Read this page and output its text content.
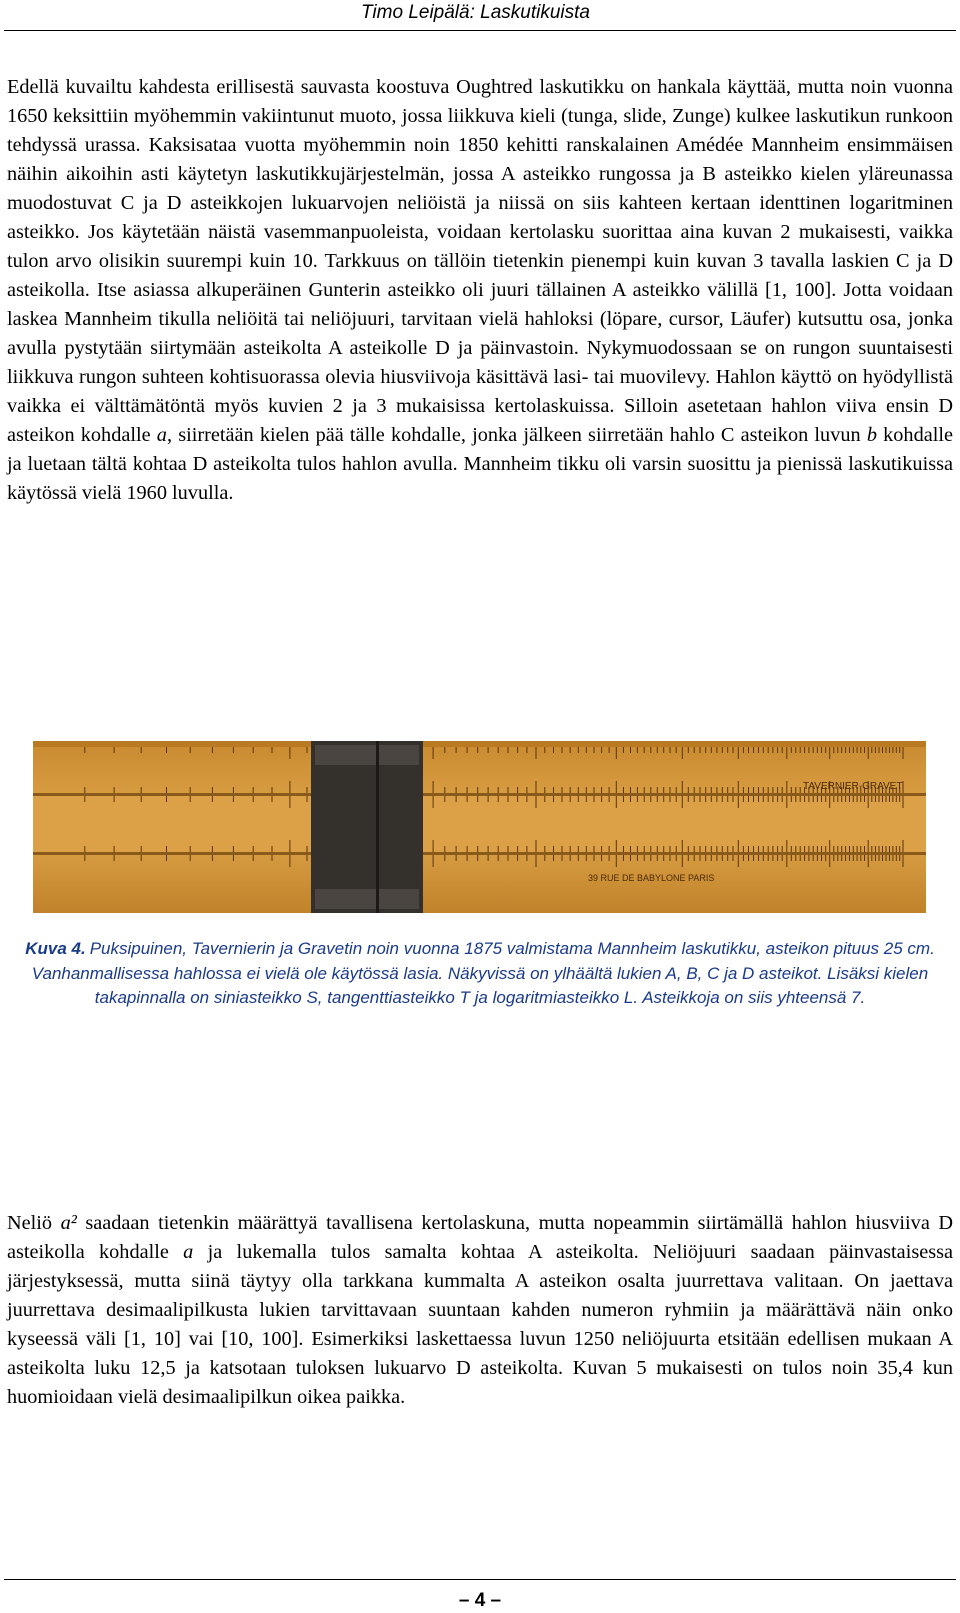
Timo Leipälä: Laskutikuista

Edellä kuvailtu kahdesta erillisestä sauvasta koostuva Oughtred laskutikku on hankala käyttää, mutta noin vuonna 1650 keksittiin myöhemmin vakiintunut muoto, jossa liikkuva kieli (tunga, slide, Zunge) kulkee laskutikun runkoon tehdyssä urassa. Kaksisataa vuotta myöhemmin noin 1850 kehitti ranskalainen Amédée Mannheim ensimmäisen näihin aikoihin asti käytetyn laskutikkujärjestelmän, jossa A asteikko rungossa ja B asteikko kielen yläreunassa muodostuvat C ja D asteikkojen lukuarvojen neliöistä ja niissä on siis kahteen kertaan identtinen logaritminen asteikko. Jos käytetään näistä vasemmanpuoleista, voidaan kertolasku suorittaa aina kuvan 2 mukaisesti, vaikka tulon arvo olisikin suurempi kuin 10. Tarkkuus on tällöin tietenkin pienempi kuin kuvan 3 tavalla laskien C ja D asteikolla. Itse asiassa alkuperäinen Gunterin asteikko oli juuri tällainen A asteikko välillä [1, 100]. Jotta voidaan laskea Mannheim tikulla neliöitä tai neliöjuuri, tarvitaan vielä hahloksi (löpare, cursor, Läufer) kutsuttu osa, jonka avulla pystytään siirtymään asteikolta A asteikolle D ja päinvastoin. Nykymuodossaan se on rungon suuntaisesti liikkuva rungon suhteen kohtisuorassa olevia hiusviivoja käsittävä lasi- tai muovilevy. Hahlon käyttö on hyödyllistä vaikka ei välttämätöntä myös kuvien 2 ja 3 mukaisissa kertolaskuissa. Silloin asetetaan hahlon viiva ensin D asteikon kohdalle a, siirretään kielen pää tälle kohdalle, jonka jälkeen siirretään hahlo C asteikon luvun b kohdalle ja luetaan tältä kohtaa D asteikolta tulos hahlon avulla. Mannheim tikku oli varsin suosittu ja pienissä laskutikuissa käytössä vielä 1960 luvulla.

TAVERNIER-GRAVET
39 RUE DE BABYLONE PARIS
Kuva 4. Puksipuinen, Tavernierin ja Gravetin noin vuonna 1875 valmistama Mannheim laskutikku, asteikon pituus 25 cm. Vanhanmallisessa hahlossa ei vielä ole käytössä lasia. Näkyvissä on ylhäältä lukien A, B, C ja D asteikot. Lisäksi kielen takapinnalla on siniasteikko S, tangenttiasteikko T ja logaritmiasteikko L. Asteikkoja on siis yhteensä 7.

Neliö a² saadaan tietenkin määrättyä tavallisena kertolaskuna, mutta nopeammin siirtämällä hahlon hiusviiva D asteikolla kohdalle a ja lukemalla tulos samalta kohtaa A asteikolta. Neliöjuuri saadaan päinvastaisessa järjestyksessä, mutta siinä täytyy olla tarkkana kummalta A asteikon osalta juurrettava valitaan. On jaettava juurrettava desimaalipilkusta lukien tarvittavaan suuntaan kahden numeron ryhmiin ja määrättävä näin onko kyseessä väli [1, 10] vai [10, 100]. Esimerkiksi laskettaessa luvun 1250 neliöjuurta etsitään edellisen mukaan A asteikolta luku 12,5 ja katsotaan tuloksen lukuarvo D asteikolta. Kuvan 5 mukaisesti on tulos noin 35,4 kun huomioidaan vielä desimaalipilkun oikea paikka.

– 4 –
